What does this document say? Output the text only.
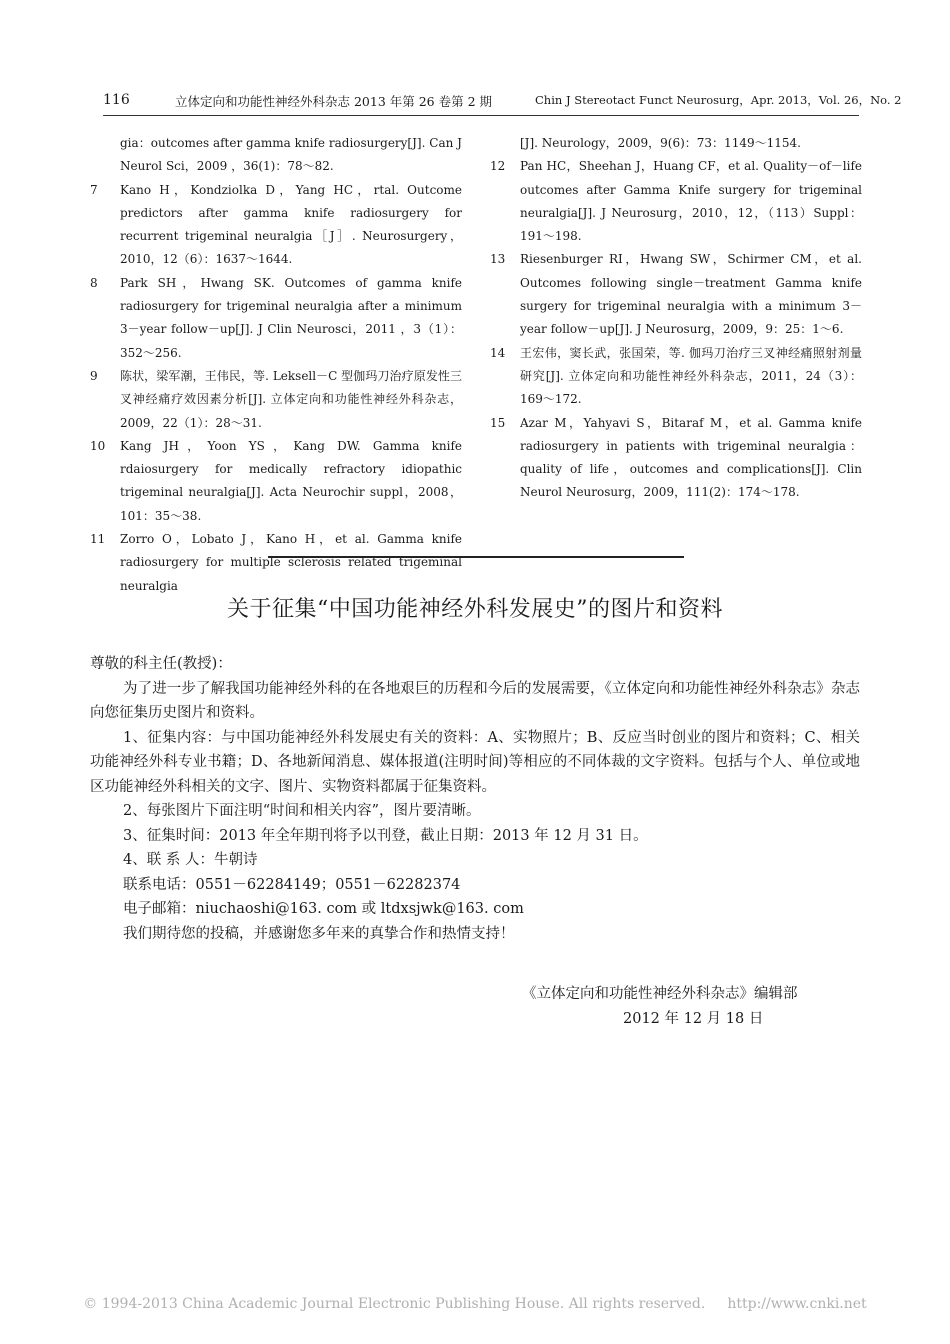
116	立体定向和功能性神经外科杂志 2013 年第 26 卷第 2 期	Chin J Stereotact Funct Neurosurg，Apr. 2013，Vol. 26，No. 2
gia：outcomes after gamma knife radiosurgery[J]. Can J Neurol Sci，2009 ，36(1)：78～82.
7 Kano H，Kondziolka D，Yang HC，rtal. Outcome predictors after gamma knife radiosurgery for recurrent trigeminal neuralgia［J］. Neurosurgery，2010，12（6）：1637～1644.
8 Park SH，Hwang SK. Outcomes of gamma knife radiosurgery for trigeminal neuralgia after a minimum 3－year follow－up[J]. J Clin Neurosci，2011 ，3（1）：352～256.
9 陈状，梁军潮，王伟民，等. Leksell－C 型伽玛刀治疗原发性三叉神经痛疗效因素分析[J]. 立体定向和功能性神经外科杂志，2009，22（1）：28～31.
10 Kang JH，Yoon YS，Kang DW. Gamma knife rdaiosurgery for medically refractory idiopathic trigeminal neuralgia[J]. Acta Neurochir suppl，2008，101：35～38.
11 Zorro O，Lobato J，Kano H，et al. Gamma knife radiosurgery for multiple sclerosis related trigeminal neuralgia
[J]. Neurology，2009，9(6)：73：1149～1154.
12 Pan HC，Sheehan J，Huang CF，et al. Quality－of－life outcomes after Gamma Knife surgery for trigeminal neuralgia[J]. J Neurosurg，2010，12，（113）Suppl：191～198.
13 Riesenburger RI，Hwang SW，Schirmer CM，et al. Outcomes following single－treatment Gamma knife surgery for trigeminal neuralgia with a minimum 3－year follow－up[J]. J Neurosurg，2009，9：25：1～6.
14 王宏伟，窦长武，张国荣，等. 伽玛刀治疗三叉神经痛照射剂量研究[J]. 立体定向和功能性神经外科杂志，2011，24（3）：169～172.
15 Azar M，Yahyavi S，Bitaraf M，et al. Gamma knife radiosurgery in patients with trigeminal neuralgia：quality of life，outcomes and complications[J]. Clin Neurol Neurosurg，2009，111(2)：174～178.
关于征集“中国功能神经外科发展史”的图片和资料

尊敬的科主任(教授)：

为了进一步了解我国功能神经外科的在各地艰巨的历程和今后的发展需要，《立体定向和功能性神经外科杂志》杂志向您征集历史图片和资料。

1、征集内容：与中国功能神经外科发展史有关的资料：A、实物照片；B、反应当时创业的图片和资料；C、相关功能神经外科专业书籍；D、各地新闻消息、媒体报道(注明时间)等相应的不同体裁的文字资料。包括与个人、单位或地区功能神经外科相关的文字、图片、实物资料都属于征集资料。

2、每张图片下面注明“时间和相关内容”，图片要清晰。

3、征集时间：2013 年全年期刊将予以刊登，截止日期：2013 年 12 月 31 日。

4、联 系 人：牛朝诗

联系电话：0551－62284149；0551－62282374

电子邮箱：niuchaoshi@163. com 或 ltdxsjwk@163. com

我们期待您的投稿，并感谢您多年来的真挚合作和热情支持！

《立体定向和功能性神经外科杂志》编辑部
2012 年 12 月 18 日
© 1994-2013 China Academic Journal Electronic Publishing House. All rights reserved. http://www.cnki.net
